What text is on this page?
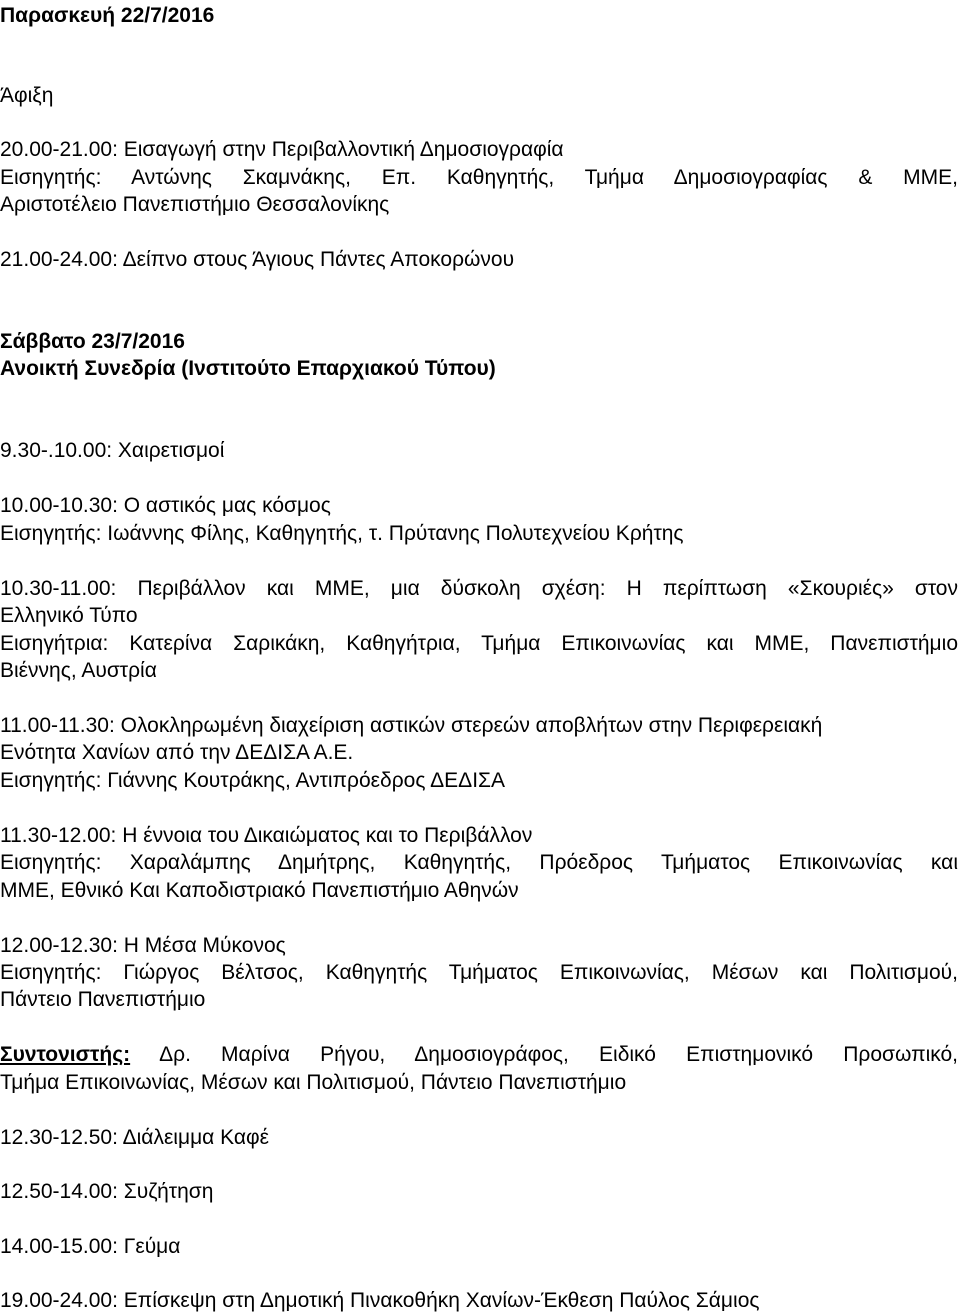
Παρασκευή 22/7/2016
Άφιξη
20.00-21.00: Εισαγωγή στην Περιβαλλοντική Δημοσιογραφία
Εισηγητής: Αντώνης Σκαμνάκης, Επ. Καθηγητής, Τμήμα Δημοσιογραφίας & ΜΜΕ,
Αριστοτέλειο Πανεπιστήμιο Θεσσαλονίκης
21.00-24.00: Δείπνο στους Άγιους Πάντες Αποκορώνου
Σάββατο 23/7/2016
Ανοικτή Συνεδρία (Ινστιτούτο Επαρχιακού Τύπου)
9.30-.10.00: Χαιρετισμοί
10.00-10.30: Ο αστικός μας κόσμος
Εισηγητής: Ιωάννης Φίλης, Καθηγητής, τ. Πρύτανης Πολυτεχνείου Κρήτης
10.30-11.00: Περιβάλλον και ΜΜΕ, μια δύσκολη σχέση: Η περίπτωση «Σκουριές» στον
Ελληνικό Τύπο
Εισηγήτρια: Κατερίνα Σαρικάκη, Καθηγήτρια, Τμήμα Επικοινωνίας και ΜΜΕ, Πανεπιστήμιο
Βιέννης, Αυστρία
11.00-11.30: Ολοκληρωμένη διαχείριση αστικών στερεών αποβλήτων στην Περιφερειακή
Ενότητα Χανίων από την ΔΕΔΙΣΑ Α.Ε.
Εισηγητής: Γιάννης Κουτράκης, Αντιπρόεδρος ΔΕΔΙΣΑ
11.30-12.00: Η έννοια του Δικαιώματος και το Περιβάλλον
Εισηγητής: Χαραλάμπης Δημήτρης, Καθηγητής, Πρόεδρος Τμήματος Επικοινωνίας και
ΜΜΕ, Εθνικό Και Καποδιστριακό Πανεπιστήμιο Αθηνών
12.00-12.30: Η Μέσα Μύκονος
Εισηγητής: Γιώργος Βέλτσος, Καθηγητής Τμήματος Επικοινωνίας, Μέσων και Πολιτισμού,
Πάντειο Πανεπιστήμιο
Συντονιστής: Δρ. Μαρίνα Ρήγου, Δημοσιογράφος, Ειδικό Επιστημονικό Προσωπικό,
Τμήμα Επικοινωνίας, Μέσων και Πολιτισμού, Πάντειο Πανεπιστήμιο
12.30-12.50: Διάλειμμα Καφέ
12.50-14.00: Συζήτηση
14.00-15.00: Γεύμα
19.00-24.00: Επίσκεψη στη Δημοτική Πινακοθήκη Χανίων-Έκθεση Παύλος Σάμιος
